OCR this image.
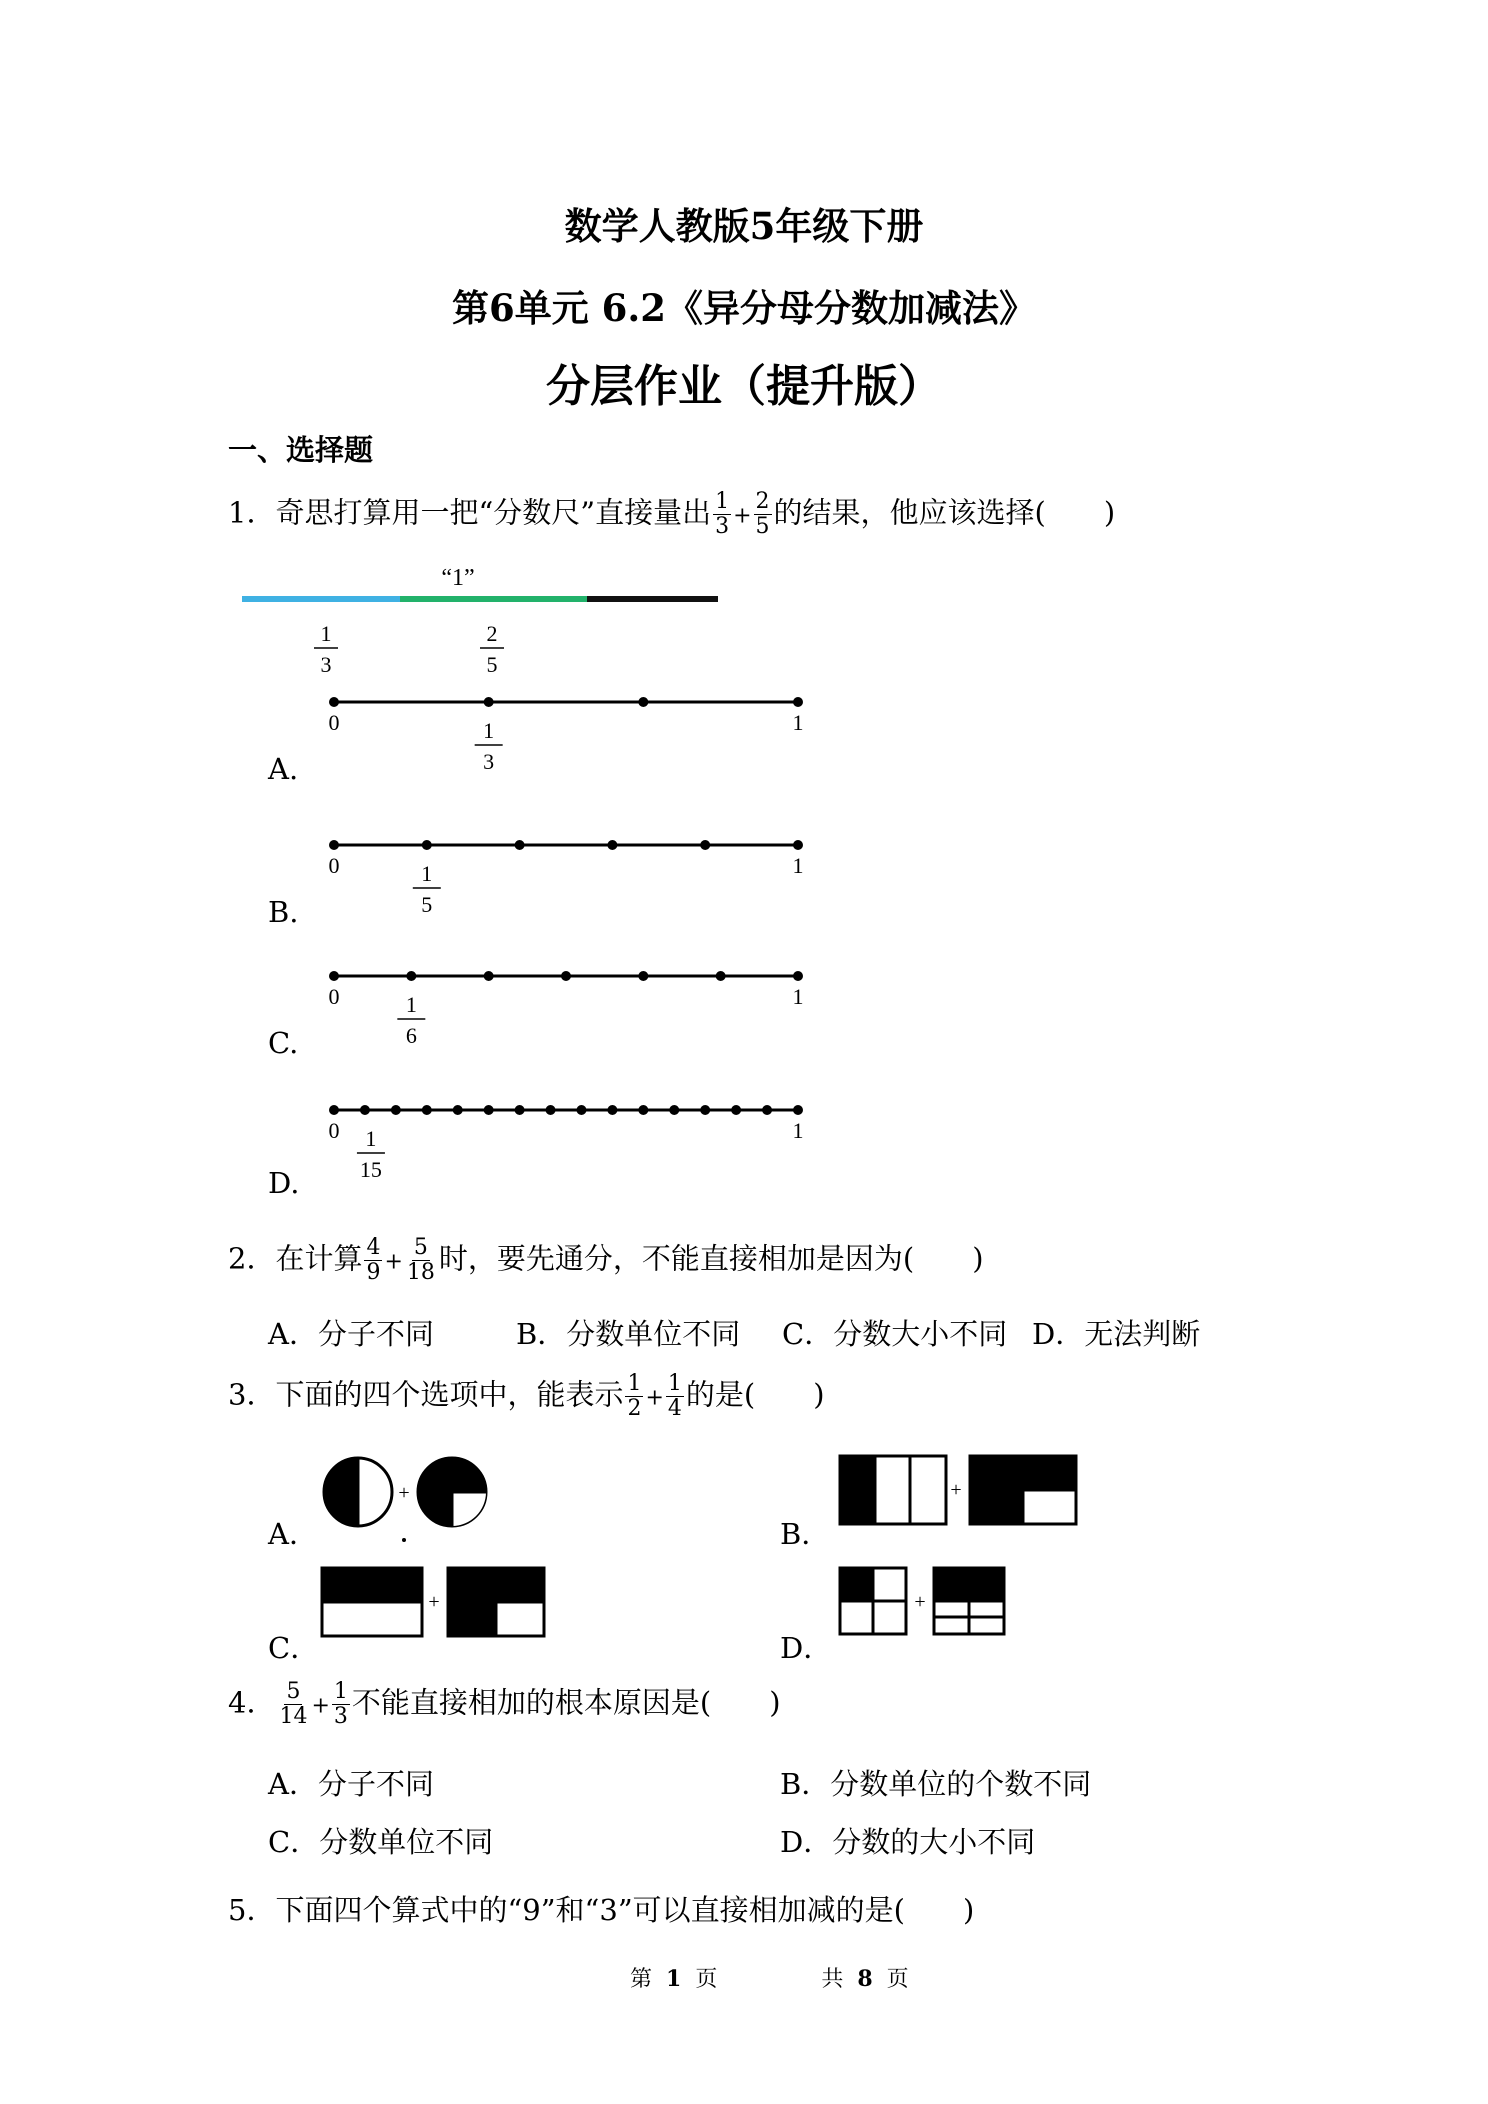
数学人教版5年级下册
第6单元 6.2《异分母分数加减法》
分层作业（提升版）
一、选择题
1．奇思打算用一把“分数尺”直接量出 $\frac{1}{3} + \frac{2}{5}$ 的结果，他应该选择( )
“1”
1
3
2
5
A.
0	1
1
3
B.
0	1
1
5
C.
0	1
1
6
D.
0	1
1
15
2．在计算 $\frac{4}{9} + \frac{5}{18}$ 时，要先通分，不能直接相加是因为( )
A．分子不同	B．分数单位不同 C．分数大小不同 D．无法判断
3．下面的四个选项中，能表示 $\frac{1}{2} + \frac{1}{4}$ 的是( )
A．
+
B．
+
C．
+
D．
+
4． $\frac{5}{14} + \frac{1}{3}$ 不能直接相加的根本原因是( )
A．分子不同	B．分数单位的个数不同
C．分数单位不同	D．分数的大小不同
5．下面四个算式中的“9”和“3”可以直接相加减的是( )
第 1 页	共 8 页
